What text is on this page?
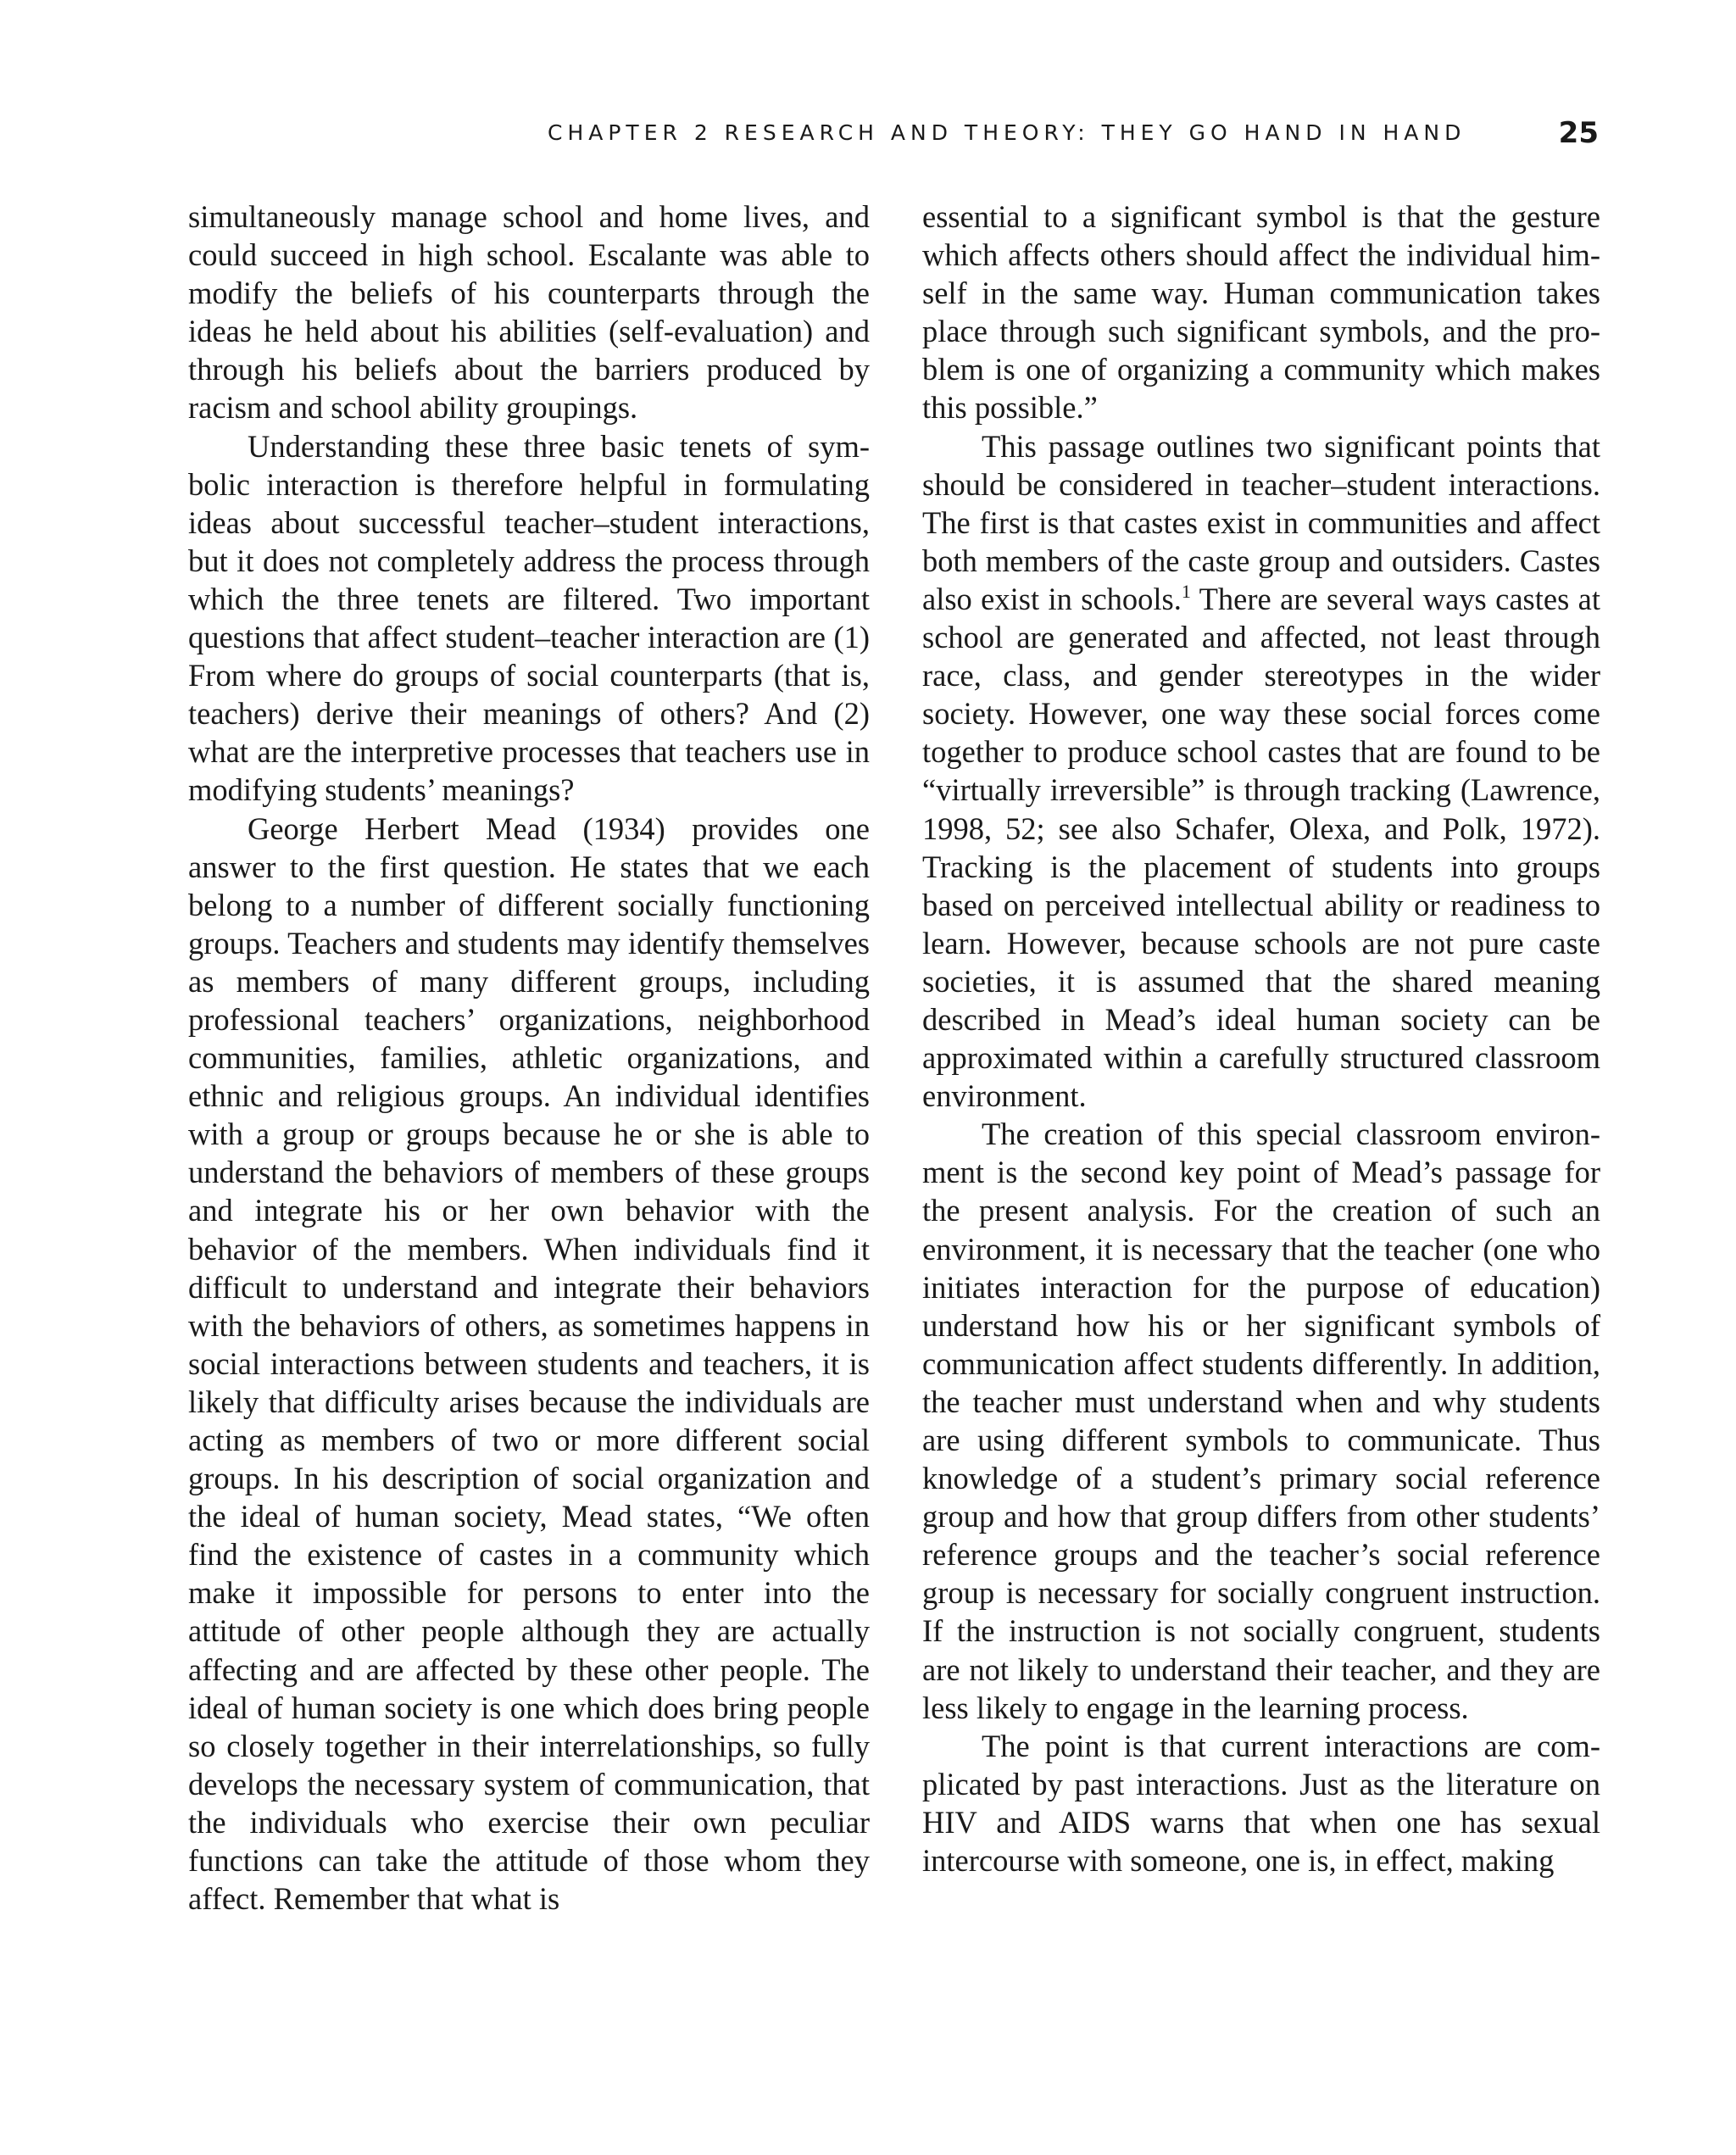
CHAPTER 2 RESEARCH AND THEORY: THEY GO HAND IN HAND	25

simultaneously manage school and home lives, and could succeed in high school. Escalante was able to modify the beliefs of his counterparts through the ideas he held about his abilities (self-evaluation) and through his beliefs about the barriers produced by racism and school ability groupings.

Understanding these three basic tenets of symbolic interaction is therefore helpful in formulating ideas about successful teacher–student interactions, but it does not completely address the process through which the three tenets are filtered. Two important questions that affect student–teacher interaction are (1) From where do groups of social counterparts (that is, teachers) derive their meanings of others? And (2) what are the interpretive processes that teachers use in modifying students’ meanings?

George Herbert Mead (1934) provides one answer to the first question. He states that we each belong to a number of different socially functioning groups. Teachers and students may identify themselves as members of many different groups, including professional teachers’ organizations, neighborhood communities, families, athletic organizations, and ethnic and religious groups. An individual identifies with a group or groups because he or she is able to understand the behaviors of members of these groups and integrate his or her own behavior with the behavior of the members. When individuals find it difficult to understand and integrate their behaviors with the behaviors of others, as sometimes happens in social interactions between students and teachers, it is likely that difficulty arises because the individuals are acting as members of two or more different social groups. In his description of social organization and the ideal of human society, Mead states, “We often find the existence of castes in a community which make it impossible for persons to enter into the attitude of other people although they are actually affecting and are affected by these other people. The ideal of human society is one which does bring people so closely together in their interrelationships, so fully develops the necessary system of communication, that the individuals who exercise their own peculiar functions can take the attitude of those whom they affect. Remember that what is

essential to a significant symbol is that the gesture which affects others should affect the individual himself in the same way. Human communication takes place through such significant symbols, and the problem is one of organizing a community which makes this possible.”

This passage outlines two significant points that should be considered in teacher–student interactions. The first is that castes exist in communities and affect both members of the caste group and outsiders. Castes also exist in schools.$^1$ There are several ways castes at school are generated and affected, not least through race, class, and gender stereotypes in the wider society. However, one way these social forces come together to produce school castes that are found to be “virtually irreversible” is through tracking (Lawrence, 1998, 52; see also Schafer, Olexa, and Polk, 1972). Tracking is the placement of students into groups based on perceived intellectual ability or readiness to learn. However, because schools are not pure caste societies, it is assumed that the shared meaning described in Mead’s ideal human society can be approximated within a carefully structured classroom environment.

The creation of this special classroom environment is the second key point of Mead’s passage for the present analysis. For the creation of such an environment, it is necessary that the teacher (one who initiates interaction for the purpose of education) understand how his or her significant symbols of communication affect students differently. In addition, the teacher must understand when and why students are using different symbols to communicate. Thus knowledge of a student’s primary social reference group and how that group differs from other students’ reference groups and the teacher’s social reference group is necessary for socially congruent instruction. If the instruction is not socially congruent, students are not likely to understand their teacher, and they are less likely to engage in the learning process.

The point is that current interactions are complicated by past interactions. Just as the literature on HIV and AIDS warns that when one has sexual intercourse with someone, one is, in effect, making
